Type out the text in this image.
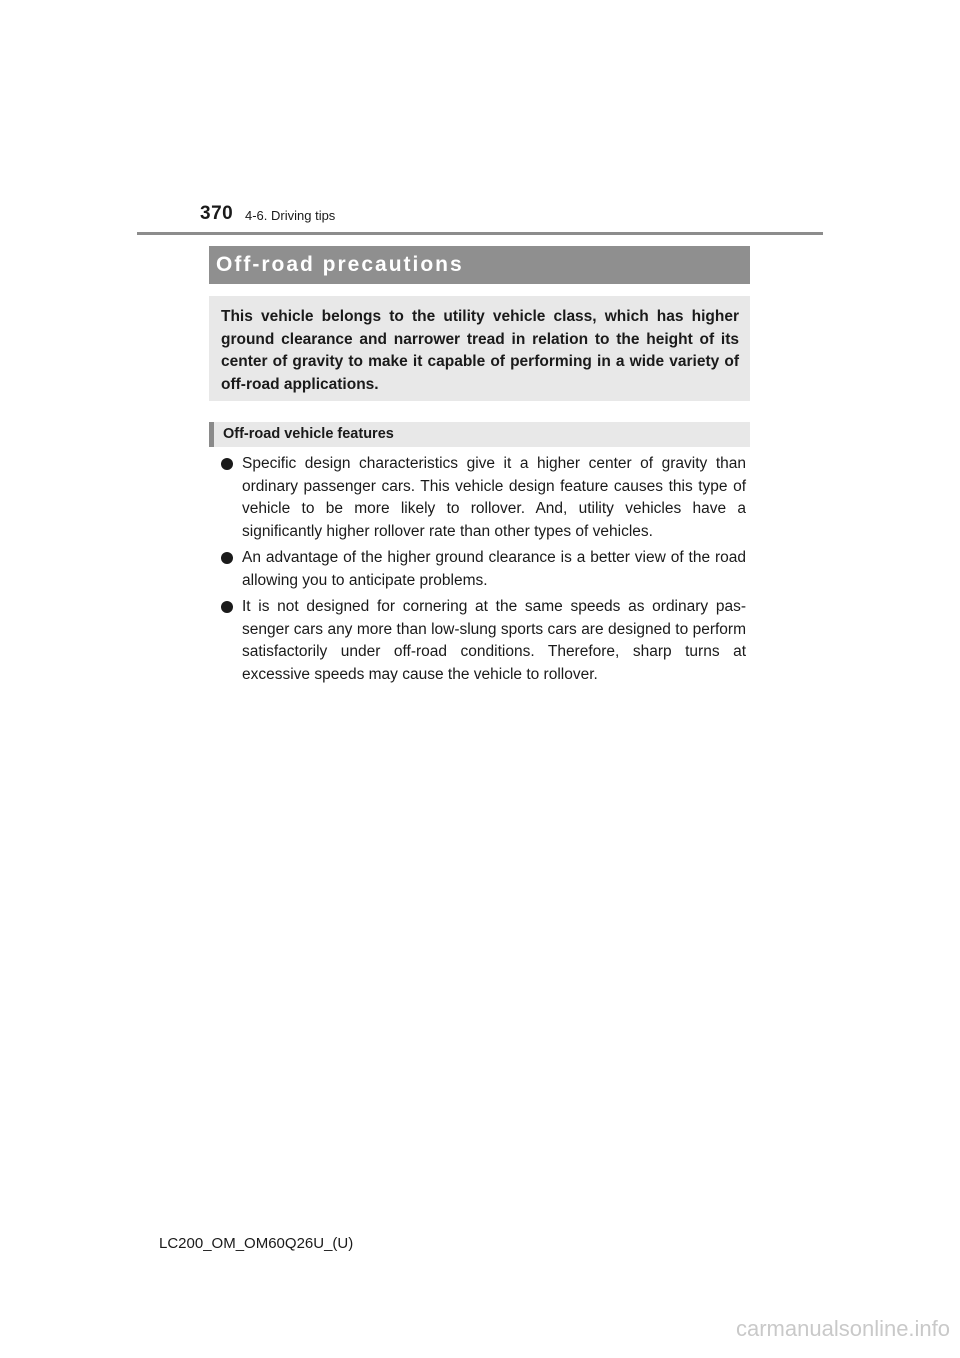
370 4-6. Driving tips
Off-road precautions

This vehicle belongs to the utility vehicle class, which has higher ground clearance and narrower tread in relation to the height of its center of gravity to make it capable of performing in a wide variety of off-road applications.

Off-road vehicle features
Specific design characteristics give it a higher center of gravity than ordinary passenger cars. This vehicle design feature causes this type of vehicle to be more likely to rollover. And, utility vehicles have a significantly higher rollover rate than other types of vehicles.
An advantage of the higher ground clearance is a better view of the road allowing you to anticipate problems.
It is not designed for cornering at the same speeds as ordinary pas-senger cars any more than low-slung sports cars are designed to perform satisfactorily under off-road conditions. Therefore, sharp turns at excessive speeds may cause the vehicle to rollover.
LC200_OM_OM60Q26U_(U)
carmanualsonline.info
